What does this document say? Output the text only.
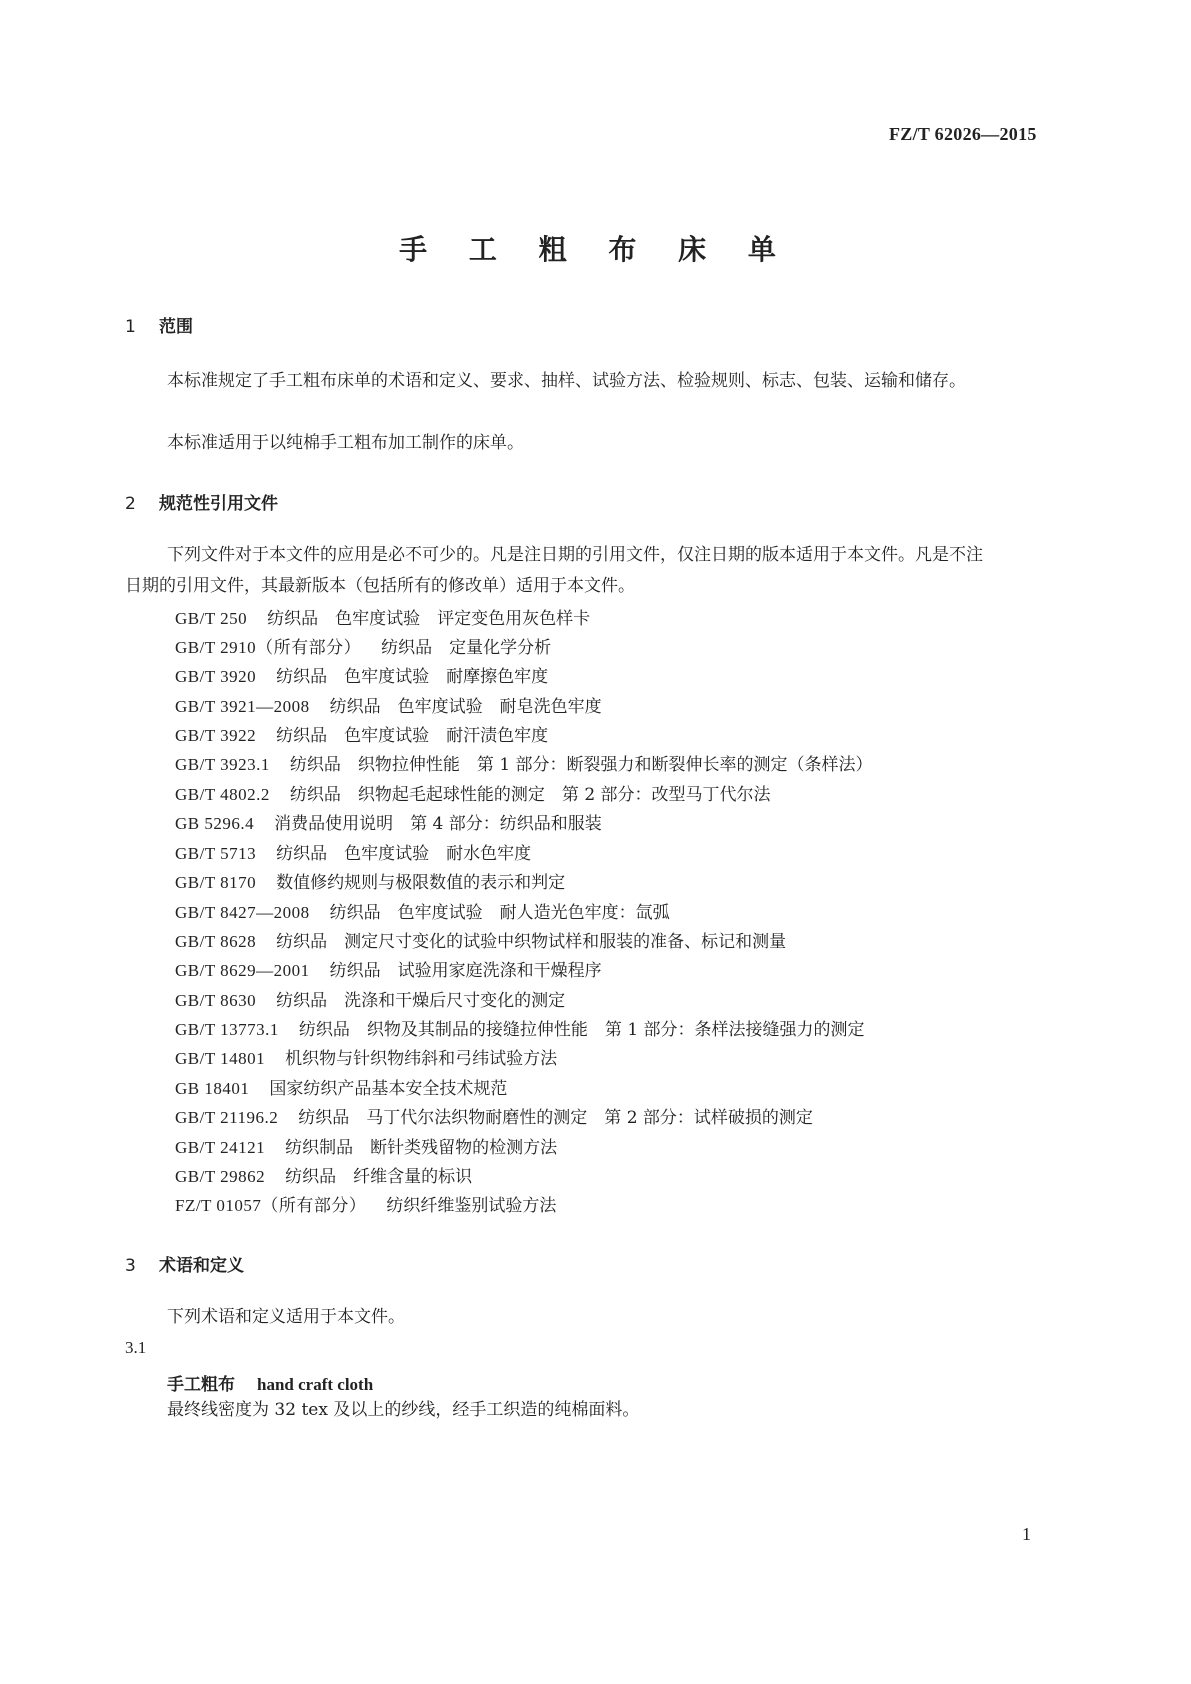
FZ/T 62026—2015
手 工 粗 布 床 单
1 范围
本标准规定了手工粗布床单的术语和定义、要求、抽样、试验方法、检验规则、标志、包装、运输和储存。
本标准适用于以纯棉手工粗布加工制作的床单。
2 规范性引用文件
下列文件对于本文件的应用是必不可少的。凡是注日期的引用文件，仅注日期的版本适用于本文件。凡是不注日期的引用文件，其最新版本（包括所有的修改单）适用于本文件。
GB/T 250 纺织品　色牢度试验　评定变色用灰色样卡
GB/T 2910（所有部分） 纺织品　定量化学分析
GB/T 3920 纺织品　色牢度试验　耐摩擦色牢度
GB/T 3921—2008 纺织品　色牢度试验　耐皂洗色牢度
GB/T 3922 纺织品　色牢度试验　耐汗渍色牢度
GB/T 3923.1 纺织品　织物拉伸性能　第 1 部分：断裂强力和断裂伸长率的测定（条样法）
GB/T 4802.2 纺织品　织物起毛起球性能的测定　第 2 部分：改型马丁代尔法
GB 5296.4 消费品使用说明　第 4 部分：纺织品和服装
GB/T 5713 纺织品　色牢度试验　耐水色牢度
GB/T 8170 数值修约规则与极限数值的表示和判定
GB/T 8427—2008 纺织品　色牢度试验　耐人造光色牢度：氙弧
GB/T 8628 纺织品　测定尺寸变化的试验中织物试样和服装的准备、标记和测量
GB/T 8629—2001 纺织品　试验用家庭洗涤和干燥程序
GB/T 8630 纺织品　洗涤和干燥后尺寸变化的测定
GB/T 13773.1 纺织品　织物及其制品的接缝拉伸性能　第 1 部分：条样法接缝强力的测定
GB/T 14801 机织物与针织物纬斜和弓纬试验方法
GB 18401 国家纺织产品基本安全技术规范
GB/T 21196.2 纺织品　马丁代尔法织物耐磨性的测定　第 2 部分：试样破损的测定
GB/T 24121 纺织制品　断针类残留物的检测方法
GB/T 29862 纺织品　纤维含量的标识
FZ/T 01057（所有部分） 纺织纤维鉴别试验方法
3 术语和定义
下列术语和定义适用于本文件。
3.1
手工粗布 hand craft cloth
最终线密度为 32 tex 及以上的纱线，经手工织造的纯棉面料。
1
